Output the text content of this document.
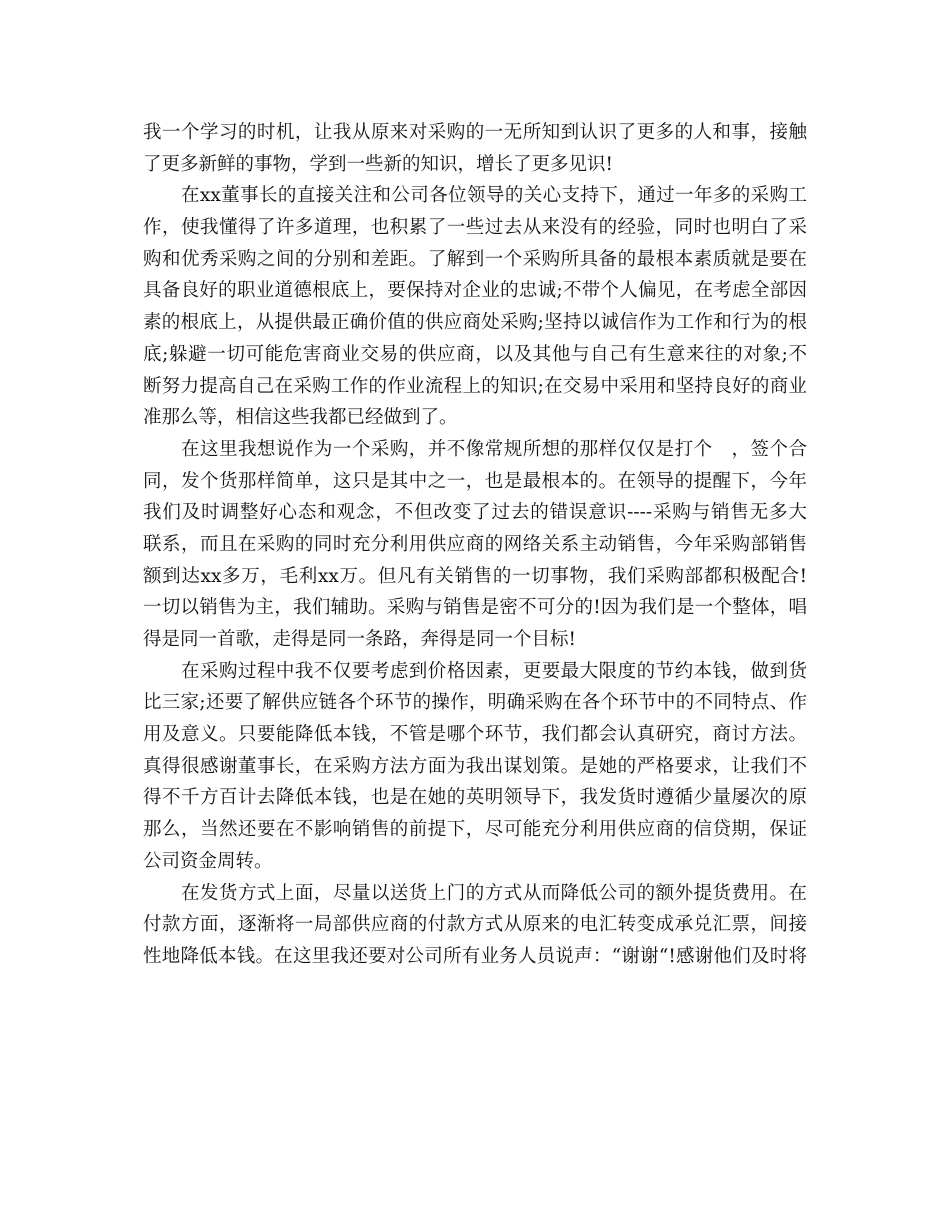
我一个学习的时机，让我从原来对采购的一无所知到认识了更多的人和事，接触
了更多新鲜的事物，学到一些新的知识，增长了更多见识!
在xx董事长的直接关注和公司各位领导的关心支持下，通过一年多的采购工
作，使我懂得了许多道理，也积累了一些过去从来没有的经验，同时也明白了采
购和优秀采购之间的分别和差距。了解到一个采购所具备的最根本素质就是要在
具备良好的职业道德根底上，要保持对企业的忠诚;不带个人偏见，在考虑全部因
素的根底上，从提供最正确价值的供应商处采购;坚持以诚信作为工作和行为的根
底;躲避一切可能危害商业交易的供应商，以及其他与自己有生意来往的对象;不
断努力提高自己在采购工作的作业流程上的知识;在交易中采用和坚持良好的商业
准那么等，相信这些我都已经做到了。
在这里我想说作为一个采购，并不像常规所想的那样仅仅是打个　，签个合
同，发个货那样简单，这只是其中之一，也是最根本的。在领导的提醒下，今年
我们及时调整好心态和观念，不但改变了过去的错误意识----采购与销售无多大
联系，而且在采购的同时充分利用供应商的网络关系主动销售，今年采购部销售
额到达xx多万，毛利xx万。但凡有关销售的一切事物，我们采购部都积极配合!
一切以销售为主，我们辅助。采购与销售是密不可分的!因为我们是一个整体，唱
得是同一首歌，走得是同一条路，奔得是同一个目标!
在采购过程中我不仅要考虑到价格因素，更要最大限度的节约本钱，做到货
比三家;还要了解供应链各个环节的操作，明确采购在各个环节中的不同特点、作
用及意义。只要能降低本钱，不管是哪个环节，我们都会认真研究，商讨方法。
真得很感谢董事长，在采购方法方面为我出谋划策。是她的严格要求，让我们不
得不千方百计去降低本钱，也是在她的英明领导下，我发货时遵循少量屡次的原
那么，当然还要在不影响销售的前提下，尽可能充分利用供应商的信贷期，保证
公司资金周转。
在发货方式上面，尽量以送货上门的方式从而降低公司的额外提货费用。在
付款方面，逐渐将一局部供应商的付款方式从原来的电汇转变成承兑汇票，间接
性地降低本钱。在这里我还要对公司所有业务人员说声：“谢谢“!感谢他们及时将
